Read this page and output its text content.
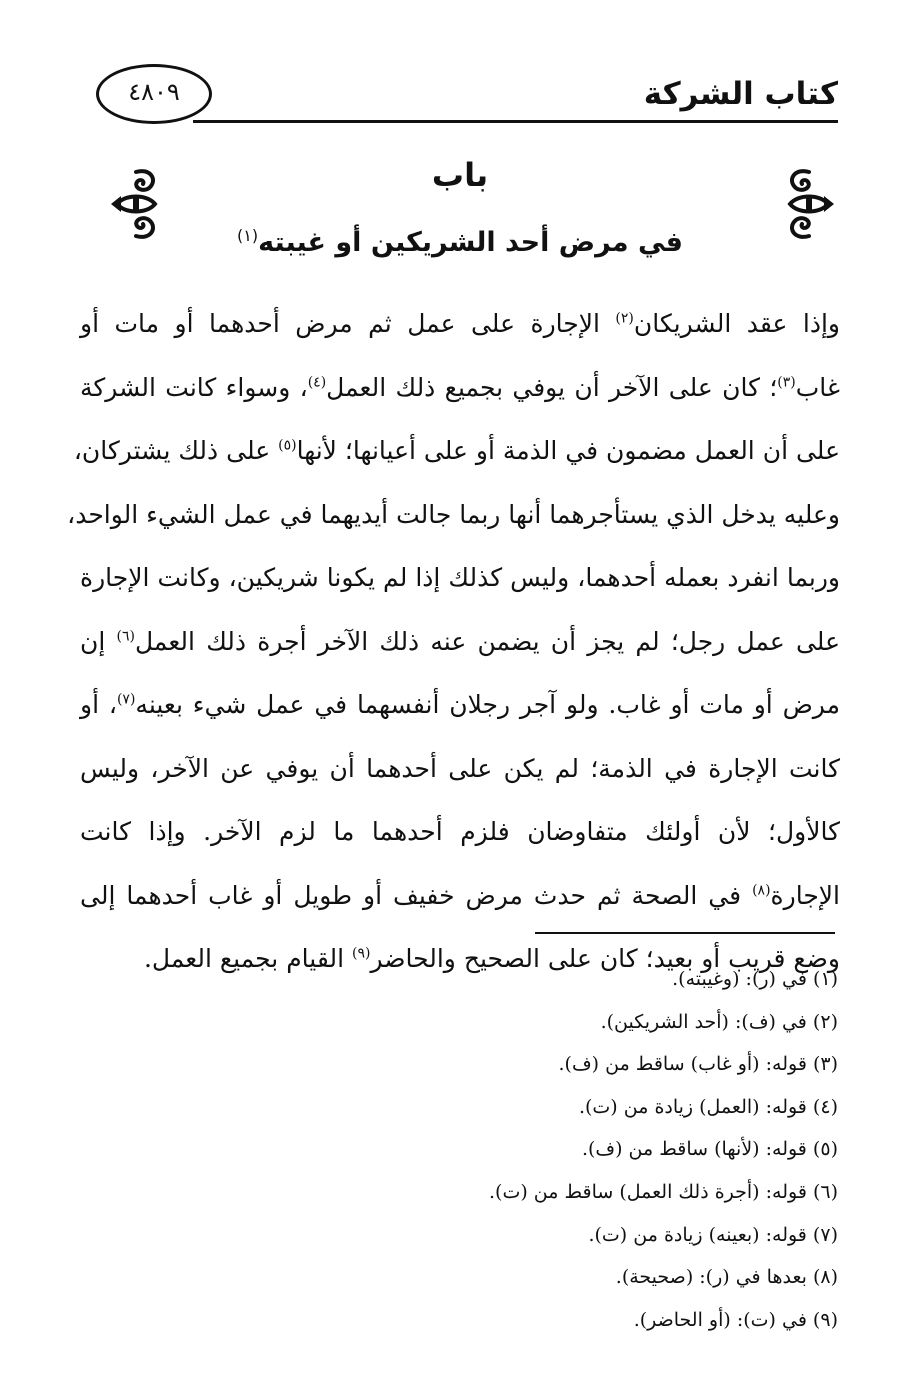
كتاب الشركة
٤٨٠٩
باب
في مرض أحد الشريكين أو غيبته$^{(١)}$
وإذا عقد الشريكان$^{(٢)}$ الإجارة على عمل ثم مرض أحدهما أو مات أو
غاب$^{(٣)}$؛ كان على الآخر أن يوفي بجميع ذلك العمل$^{(٤)}$، وسواء كانت الشركة
على أن العمل مضمون في الذمة أو على أعيانها؛ لأنها$^{(٥)}$ على ذلك يشتركان،
وعليه يدخل الذي يستأجرهما أنها ربما جالت أيديهما في عمل الشيء الواحد،
وربما انفرد بعمله أحدهما، وليس كذلك إذا لم يكونا شريكين، وكانت الإجارة
على عمل رجل؛ لم يجز أن يضمن عنه ذلك الآخر أجرة ذلك العمل$^{(٦)}$ إن
مرض أو مات أو غاب. ولو آجر رجلان أنفسهما في عمل شيء بعينه$^{(٧)}$، أو
كانت الإجارة في الذمة؛ لم يكن على أحدهما أن يوفي عن الآخر، وليس
كالأول؛ لأن أولئك متفاوضان فلزم أحدهما ما لزم الآخر. وإذا كانت
الإجارة$^{(٨)}$ في الصحة ثم حدث مرض خفيف أو طويل أو غاب أحدهما إلى
وضع قريب أو بعيد؛ كان على الصحيح والحاضر$^{(٩)}$ القيام بجميع العمل.
(١) في (ر): (وغيبته).
(٢) في (ف): (أحد الشريكين).
(٣) قوله: (أو غاب) ساقط من (ف).
(٤) قوله: (العمل) زيادة من (ت).
(٥) قوله: (لأنها) ساقط من (ف).
(٦) قوله: (أجرة ذلك العمل) ساقط من (ت).
(٧) قوله: (بعينه) زيادة من (ت).
(٨) بعدها في (ر): (صحيحة).
(٩) في (ت): (أو الحاضر).
